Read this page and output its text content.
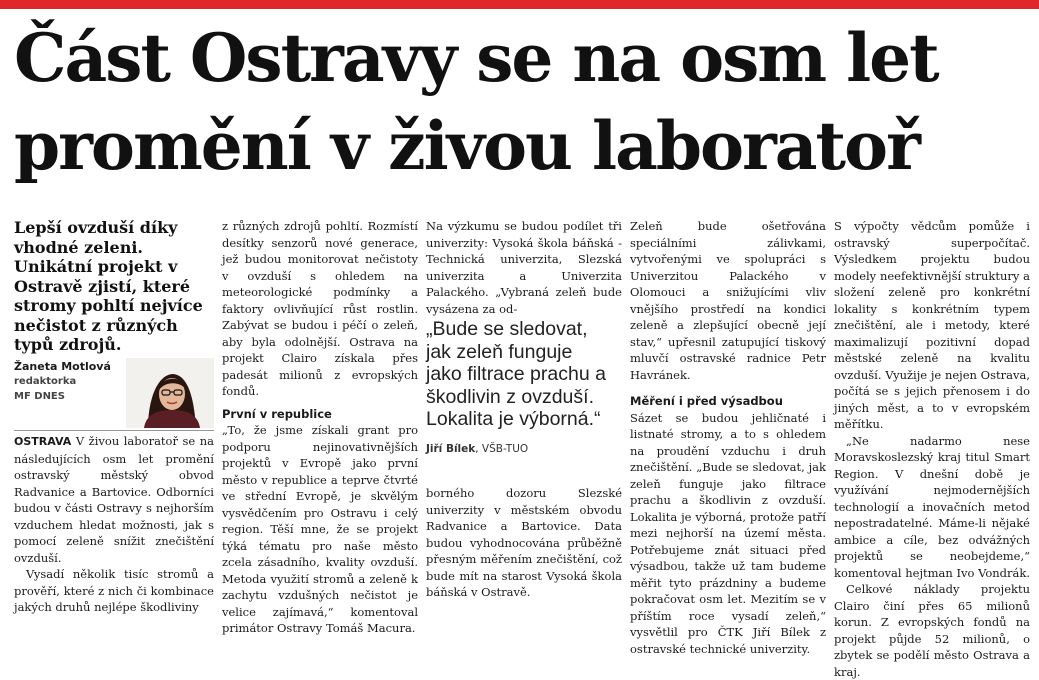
Část Ostravy se na osm let
promění v živou laboratoř
Lepší ovzduší díky vhodné zeleni. Unikátní projekt v Ostravě zjistí, které stromy pohltí nejvíce nečistot z různých typů zdrojů.
Žaneta Motlová
redaktorka
MF DNES

OSTRAVA V živou laboratoř se na následujících osm let promění ostravský městský obvod Radvanice a Bartovice. Odborníci budou v části Ostravy s nejhorším vzduchem hledat možnosti, jak s pomocí zeleně snížit znečištění ovzduší.

Vysadí několik tisíc stromů a prověří, které z nich či kombinace jakých druhů nejlépe škodliviny

z různých zdrojů pohltí. Rozmístí desítky senzorů nové generace, jež budou monitorovat nečistoty v ovzduší s ohledem na meteorologické podmínky a faktory ovlivňující růst rostlin. Zabývat se budou i péčí o zeleň, aby byla odolnější. Ostrava na projekt Clairo získala přes padesát milionů z evropských fondů.

První v republice

„To, že jsme získali grant pro podporu nejinovativnějších projektů v Evropě jako první město v republice a teprve čtvrté ve střední Evropě, je skvělým vysvědčením pro Ostravu i celý region. Těší mne, že se projekt týká tématu pro naše město zcela zásadního, kvality ovzduší. Metoda využití stromů a zeleně k zachytu vzdušných nečistot je velice zajímavá,“ komentoval primátor Ostravy Tomáš Macura.

Na výzkumu se budou podílet tři univerzity: Vysoká škola báňská - Technická univerzita, Slezská univerzita a Univerzita Palackého. „Vybraná zeleň bude vysázena za od-

„Bude se sledovat, jak zeleň funguje jako filtrace prachu a škodlivin z ovzduší. Lokalita je výborná.“
Jiří Bílek, VŠB-TUO

borného dozoru Slezské univerzity v městském obvodu Radvanice a Bartovice. Data budou vyhodnocována průběžně přesným měřením znečištění, což bude mít na starost Vysoká škola báňská v Ostravě.

Zeleň bude ošetřována speciálními zálivkami, vytvořenými ve spolupráci s Univerzitou Palackého v Olomouci a snižujícími vliv vnějšího prostředí na kondici zeleně a zlepšující obecně její stav,“ upřesnil zatupující tiskový mluvčí ostravské radnice Petr Havránek.

Měření i před výsadbou

Sázet se budou jehličnaté i listnaté stromy, a to s ohledem na proudění vzduchu i druh znečištění. „Bude se sledovat, jak zeleň funguje jako filtrace prachu a škodlivin z ovzduší. Lokalita je výborná, protože patří mezi nejhorší na území města. Potřebujeme znát situaci před výsadbou, takže už tam budeme měřit tyto prázdniny a budeme pokračovat osm let. Mezitím se v příštím roce vysadí zeleň,“ vysvětlil pro ČTK Jiří Bílek z ostravské technické univerzity.

S výpočty vědcům pomůže i ostravský superpočítač. Výsledkem projektu budou modely neefektivnější struktury a složení zeleně pro konkrétní lokality s konkrétním typem znečištění, ale i metody, které maximalizují pozitivní dopad městské zeleně na kvalitu ovzduší. Využije je nejen Ostrava, počítá se s jejich přenosem i do jiných měst, a to v evropském měřítku.

„Ne nadarmo nese Moravskoslezský kraj titul Smart Region. V dnešní době je využívání nejmodernějších technologií a inovačních metod nepostradatelné. Máme-li nějaké ambice a cíle, bez odvážných projektů se neobejdeme,“ komentoval hejtman Ivo Vondrák.

Celkové náklady projektu Clairo činí přes 65 milionů korun. Z evropských fondů na projekt půjde 52 milionů, o zbytek se podělí město Ostrava a kraj.
